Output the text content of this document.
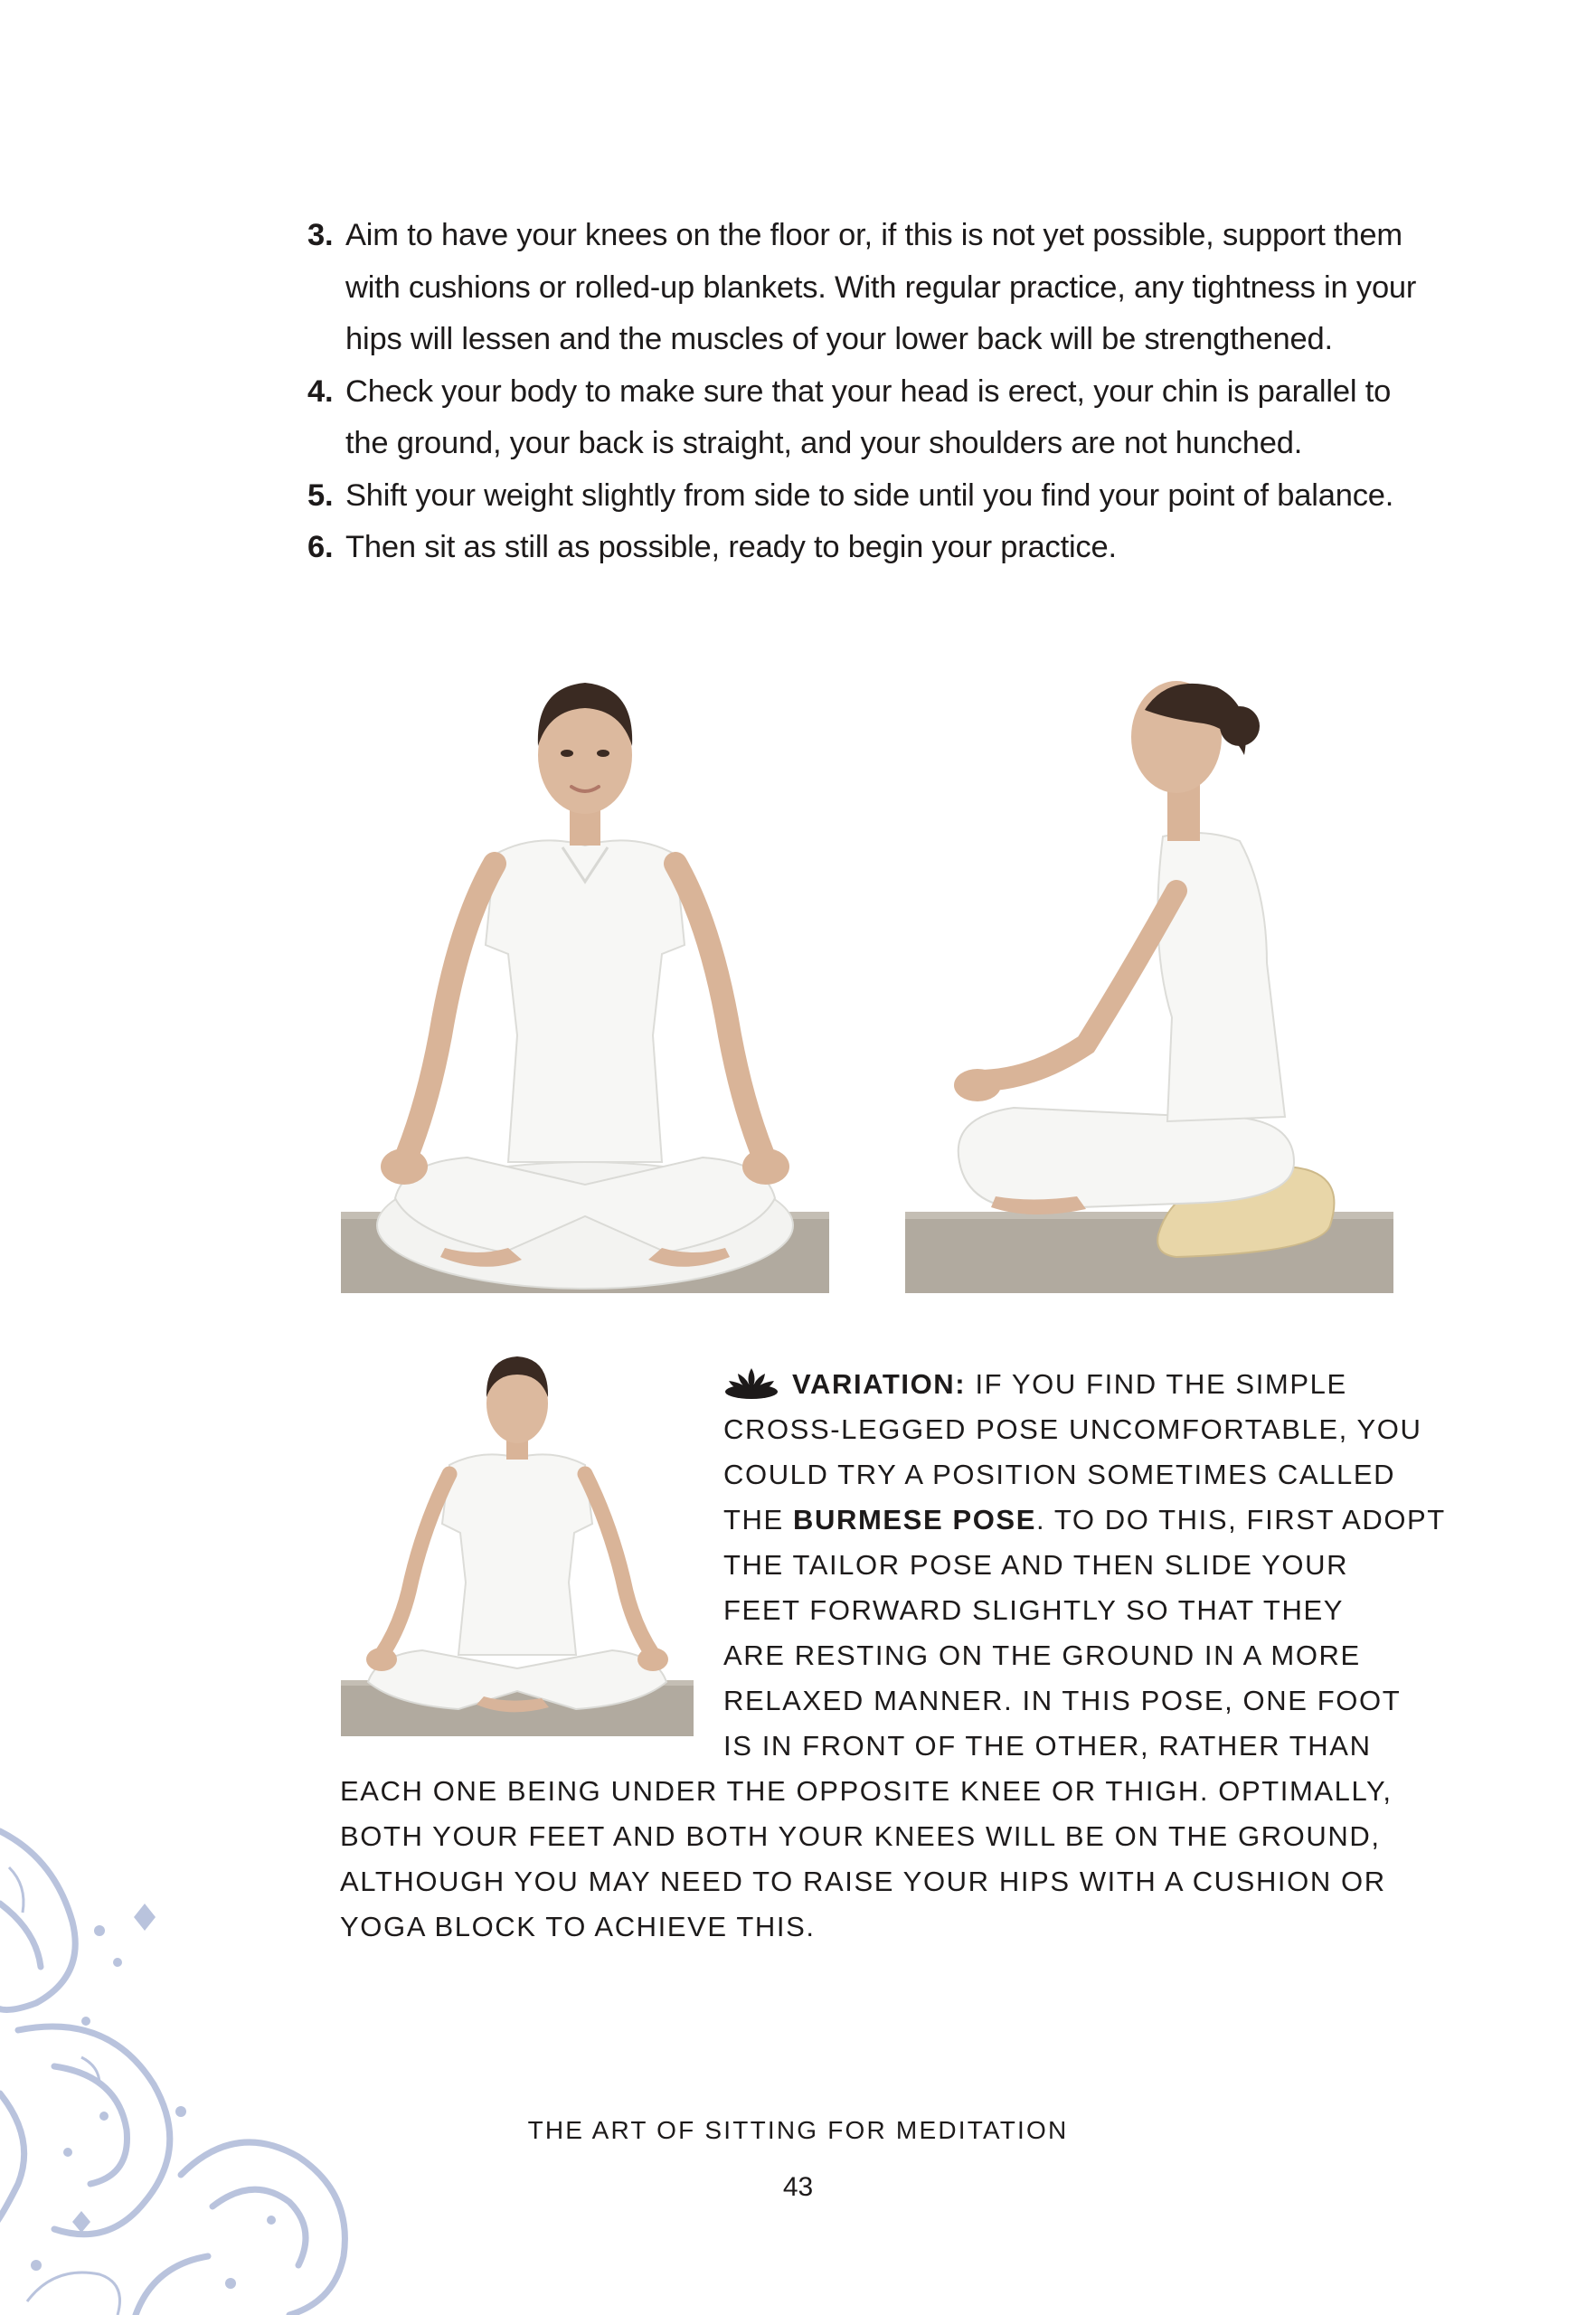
3. Aim to have your knees on the floor or, if this is not yet possible, support them
with cushions or rolled-up blankets. With regular practice, any tightness in your
hips will lessen and the muscles of your lower back will be strengthened.
4. Check your body to make sure that your head is erect, your chin is parallel to
the ground, your back is straight, and your shoulders are not hunched.
5. Shift your weight slightly from side to side until you find your point of balance.
6. Then sit as still as possible, ready to begin your practice.
VARIATION: IF YOU FIND THE SIMPLE
CROSS-LEGGED POSE UNCOMFORTABLE, YOU
COULD TRY A POSITION SOMETIMES CALLED
THE BURMESE POSE. TO DO THIS, FIRST ADOPT
THE TAILOR POSE AND THEN SLIDE YOUR
FEET FORWARD SLIGHTLY SO THAT THEY
ARE RESTING ON THE GROUND IN A MORE
RELAXED MANNER. IN THIS POSE, ONE FOOT
IS IN FRONT OF THE OTHER, RATHER THAN
EACH ONE BEING UNDER THE OPPOSITE KNEE OR THIGH. OPTIMALLY,
BOTH YOUR FEET AND BOTH YOUR KNEES WILL BE ON THE GROUND,
ALTHOUGH YOU MAY NEED TO RAISE YOUR HIPS WITH A CUSHION OR
YOGA BLOCK TO ACHIEVE THIS.
THE ART OF SITTING FOR MEDITATION
43
